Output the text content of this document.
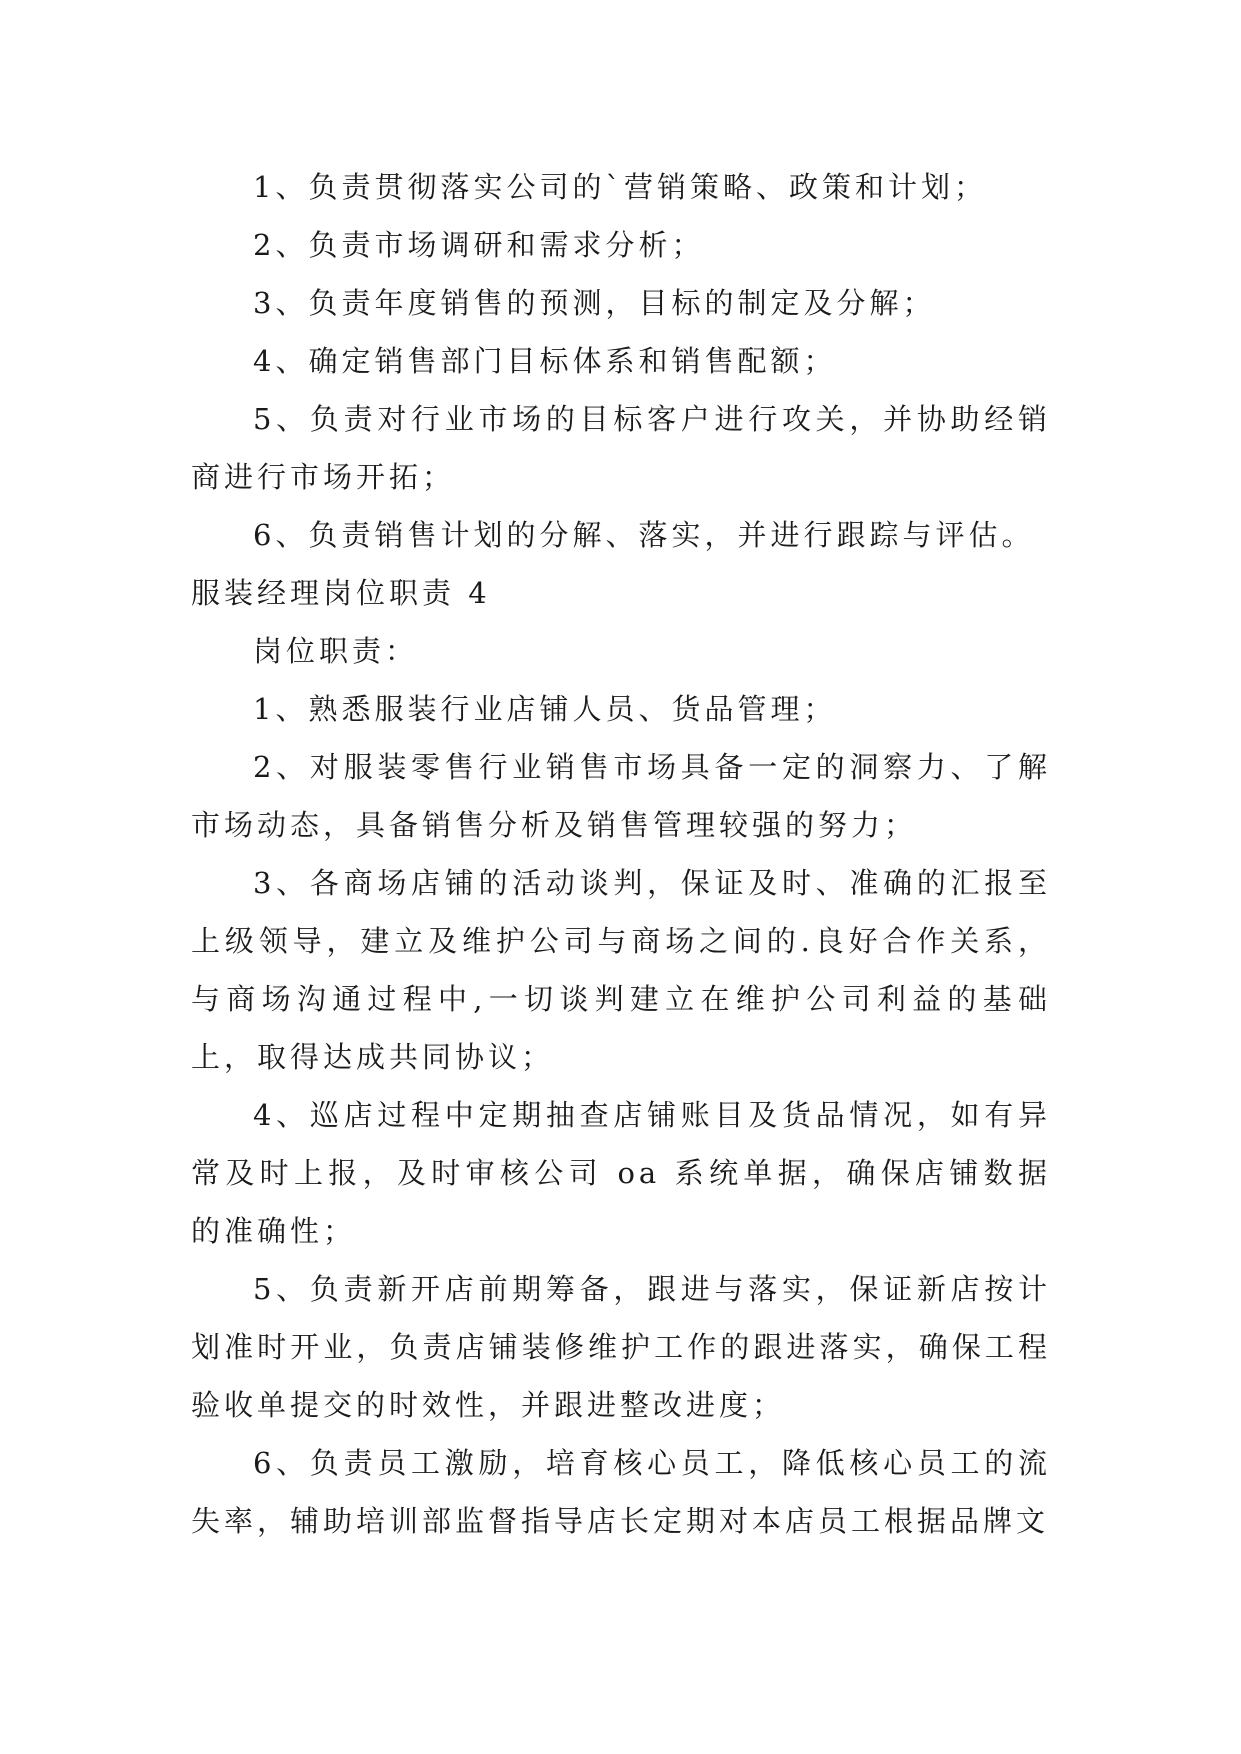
1、负责贯彻落实公司的`营销策略、政策和计划；

2、负责市场调研和需求分析；

3、负责年度销售的预测，目标的制定及分解；

4、确定销售部门目标体系和销售配额；

5、负责对行业市场的目标客户进行攻关，并协助经销商进行市场开拓；

6、负责销售计划的分解、落实，并进行跟踪与评估。

服装经理岗位职责 4

岗位职责：

1、熟悉服装行业店铺人员、货品管理；

2、对服装零售行业销售市场具备一定的洞察力、了解市场动态，具备销售分析及销售管理较强的努力；

3、各商场店铺的活动谈判，保证及时、准确的汇报至上级领导，建立及维护公司与商场之间的.良好合作关系，与商场沟通过程中,一切谈判建立在维护公司利益的基础上，取得达成共同协议；

4、巡店过程中定期抽查店铺账目及货品情况，如有异常及时上报，及时审核公司 oa 系统单据，确保店铺数据的准确性；

5、负责新开店前期筹备，跟进与落实，保证新店按计划准时开业，负责店铺装修维护工作的跟进落实，确保工程验收单提交的时效性，并跟进整改进度；

6、负责员工激励，培育核心员工，降低核心员工的流失率，辅助培训部监督指导店长定期对本店员工根据品牌文
